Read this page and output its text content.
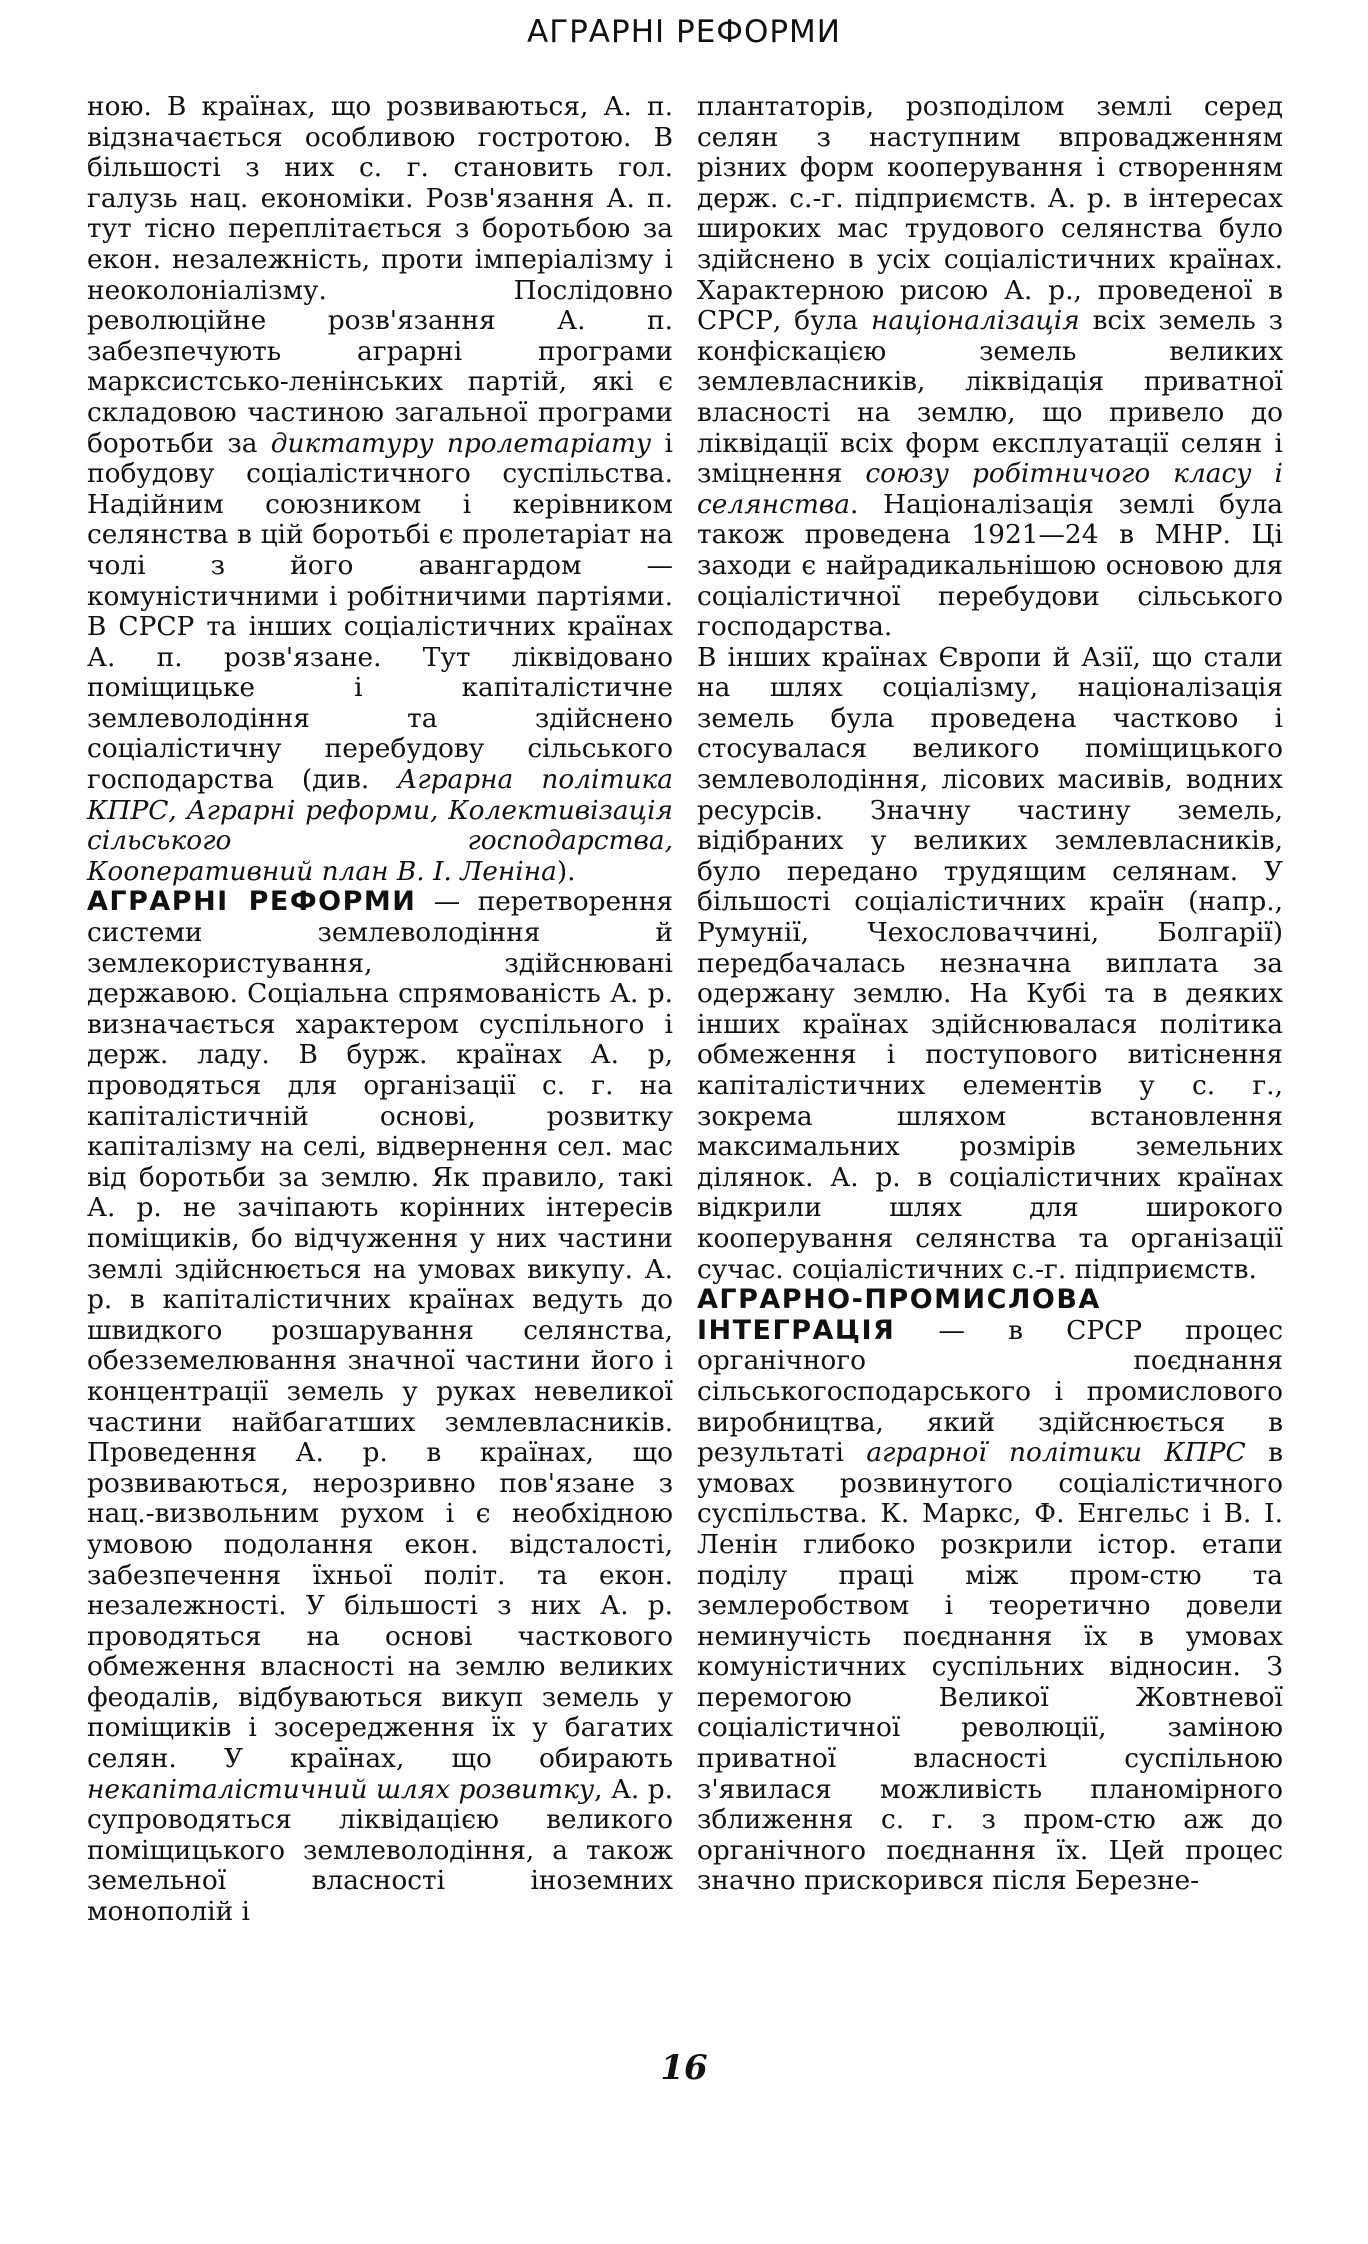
АГРАРНІ РЕФОРМИ

ною. В країнах, що розвиваються, А. п. відзначається особливою гостротою. В більшості з них с. г. становить гол. галузь нац. економіки. Розв'язання А. п. тут тісно переплітається з боротьбою за екон. незалежність, проти імперіалізму і неоколоніалізму. Послідовно революційне розв'язання А. п. забезпечують аграрні програми марксистсько-ленінських партій, які є складовою частиною загальної програми боротьби за диктатуру пролетаріату і побудову соціалістичного суспільства. Надійним союзником і керівником селянства в цій боротьбі є пролетаріат на чолі з його авангардом — комуністичними і робітничими партіями. В СРСР та інших соціалістичних країнах А. п. розв'язане. Тут ліквідовано поміщицьке і капіталістичне землеволодіння та здійснено соціалістичну перебудову сільського господарства (див. Аграрна політика КПРС, Аграрні реформи, Колективізація сільського господарства, Кооперативний план В. І. Леніна).

АГРАРНІ РЕФОРМИ — перетворення системи землеволодіння й землекористування, здійснювані державою. Соціальна спрямованість А. р. визначається характером суспільного і держ. ладу. В бурж. країнах А. р, проводяться для організації с. г. на капіталістичній основі, розвитку капіталізму на селі, відвернення сел. мас від боротьби за землю. Як правило, такі А. р. не зачіпають корінних інтересів поміщиків, бо відчуження у них частини землі здійснюється на умовах викупу. А. р. в капіталістичних країнах ведуть до швидкого розшарування селянства, обезземелювання значної частини його і концентрації земель у руках невеликої частини найбагатших землевласників. Проведення А. р. в країнах, що розвиваються, нерозривно пов'язане з нац.-визвольним рухом і є необхідною умовою подолання екон. відсталості, забезпечення їхньої політ. та екон. незалежності. У більшості з них А. р. проводяться на основі часткового обмеження власності на землю великих феодалів, відбуваються викуп земель у поміщиків і зосередження їх у багатих селян. У країнах, що обирають некапіталістичний шлях розвитку, А. р. супроводяться ліквідацією великого поміщицького землеволодіння, а також земельної власності іноземних монополій і

плантаторів, розподілом землі серед селян з наступним впровадженням різних форм кооперування і створенням держ. с.-г. підприємств. А. р. в інтересах широких мас трудового селянства було здійснено в усіх соціалістичних країнах. Характерною рисою А. р., проведеної в СРСР, була націоналізація всіх земель з конфіскацією земель великих землевласників, ліквідація приватної власності на землю, що привело до ліквідації всіх форм експлуатації селян і зміцнення союзу робітничого класу і селянства. Націоналізація землі була також проведена 1921—24 в МНР. Ці заходи є найрадикальнішою основою для соціалістичної перебудови сільського господарства.

В інших країнах Європи й Азії, що стали на шлях соціалізму, націоналізація земель була проведена частково і стосувалася великого поміщицького землеволодіння, лісових масивів, водних ресурсів. Значну частину земель, відібраних у великих землевласників, було передано трудящим селянам. У більшості соціалістичних країн (напр., Румунії, Чехословаччині, Болгарії) передбачалась незначна виплата за одержану землю. На Кубі та в деяких інших країнах здійснювалася політика обмеження і поступового витіснення капіталістичних елементів у с. г., зокрема шляхом встановлення максимальних розмірів земельних ділянок. А. р. в соціалістичних країнах відкрили шлях для широкого кооперування селянства та організації сучас. соціалістичних с.-г. підприємств.

АГРАРНО-ПРОМИСЛОВА ІНТЕГРАЦІЯ — в СРСР процес органічного поєднання сільськогосподарського і промислового виробництва, який здійснюється в результаті аграрної політики КПРС в умовах розвинутого соціалістичного суспільства. К. Маркс, Ф. Енгельс і В. І. Ленін глибоко розкрили істор. етапи поділу праці між пром-стю та землеробством і теоретично довели неминучість поєднання їх в умовах комуністичних суспільних відносин. З перемогою Великої Жовтневої соціалістичної революції, заміною приватної власності суспільною з'явилася можливість планомірного зближення с. г. з пром-стю аж до органічного поєднання їх. Цей процес значно прискорився після Березне-

16
